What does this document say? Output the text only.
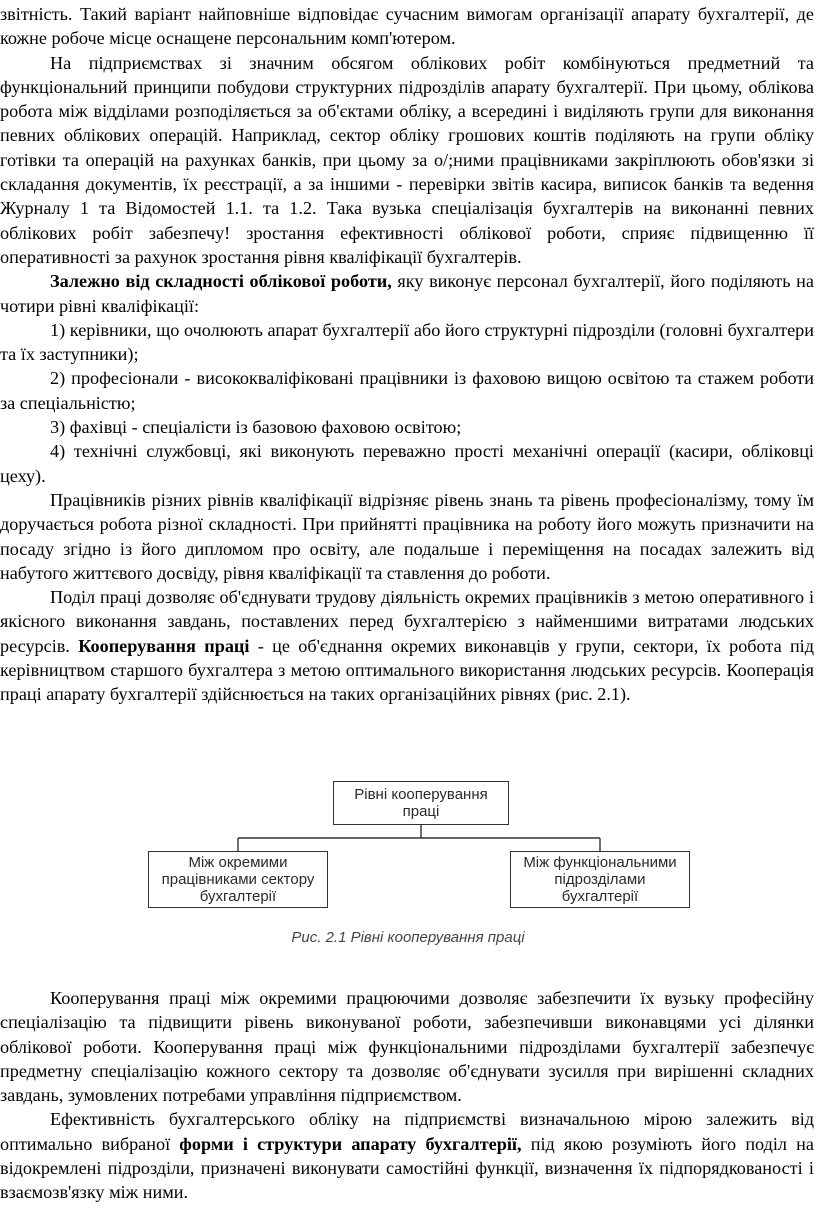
звітність. Такий варіант найповніше відповідає сучасним вимогам організації апарату бухгалтерії, де кожне робоче місце оснащене персональним комп'ютером.

На підприємствах зі значним обсягом облікових робіт комбінуються предметний та функціональний принципи побудови структурних підрозділів апарату бухгалтерії. При цьому, облікова робота між відділами розподіляється за об'єктами обліку, а всередині і виділяють групи для виконання певних облікових операцій. Наприклад, сектор обліку грошових коштів поділяють на групи обліку готівки та операцій на рахунках банків, при цьому за о/;ними працівниками закріплюють обов'язки зі складання документів, їх реєстрації, а за іншими - перевірки звітів касира, виписок банків та ведення Журналу 1 та Відомостей 1.1. та 1.2. Така вузька спеціалізація бухгалтерів на виконанні певних облікових робіт забезпечу! зростання ефективності облікової роботи, сприяє підвищенню її оперативності за рахунок зростання рівня кваліфікації бухгалтерів.

Залежно від складності облікової роботи, яку виконує персонал бухгалтерії, його поділяють на чотири рівні кваліфікації:

1) керівники, що очолюють апарат бухгалтерії або його структурні підрозділи (головні бухгалтери та їх заступники);

2) професіонали - висококваліфіковані працівники із фаховою вищою освітою та стажем роботи за спеціальністю;

3) фахівці - спеціалісти із базовою фаховою освітою;

4) технічні службовці, які виконують переважно прості механічні операції (касири, обліковці цеху).

Працівників різних рівнів кваліфікації відрізняє рівень знань та рівень професіоналізму, тому їм доручається робота різної складності. При прийнятті працівника на роботу його можуть призначити на посаду згідно із його дипломом про освіту, але подальше і переміщення на посадах залежить від набутого життєвого досвіду, рівня кваліфікації та ставлення до роботи.

Поділ праці дозволяє об'єднувати трудову діяльність окремих працівників з метою оперативного і якісного виконання завдань, поставлених перед бухгалтерією з найменшими витратами людських ресурсів. Кооперування праці - це об'єднання окремих виконавців у групи, сектори, їх робота під керівництвом старшого бухгалтера з метою оптимального використання людських ресурсів. Кооперація праці апарату бухгалтерії здійснюється на таких організаційних рівнях (рис. 2.1).

Рівні кооперування праці
Між окремими працівниками сектору бухгалтерії
Між функціональними підрозділами бухгалтерії
Рис. 2.1 Рівні кооперування праці

Кооперування праці між окремими працюючими дозволяє забезпечити їх вузьку професійну спеціалізацію та підвищити рівень виконуваної роботи, забезпечивши виконавцями усі ділянки облікової роботи. Кооперування праці між функціональними підрозділами бухгалтерії забезпечує предметну спеціалізацію кожного сектору та дозволяє об'єднувати зусилля при вирішенні складних завдань, зумовлених потребами управління підприємством.

Ефективність бухгалтерського обліку на підприємстві визначальною мірою залежить від оптимально вибраної форми і структури апарату бухгалтерії, під якою розуміють його поділ на відокремлені підрозділи, призначені виконувати самостійні функції, визначення їх підпорядкованості і взаємозв'язку між ними.
